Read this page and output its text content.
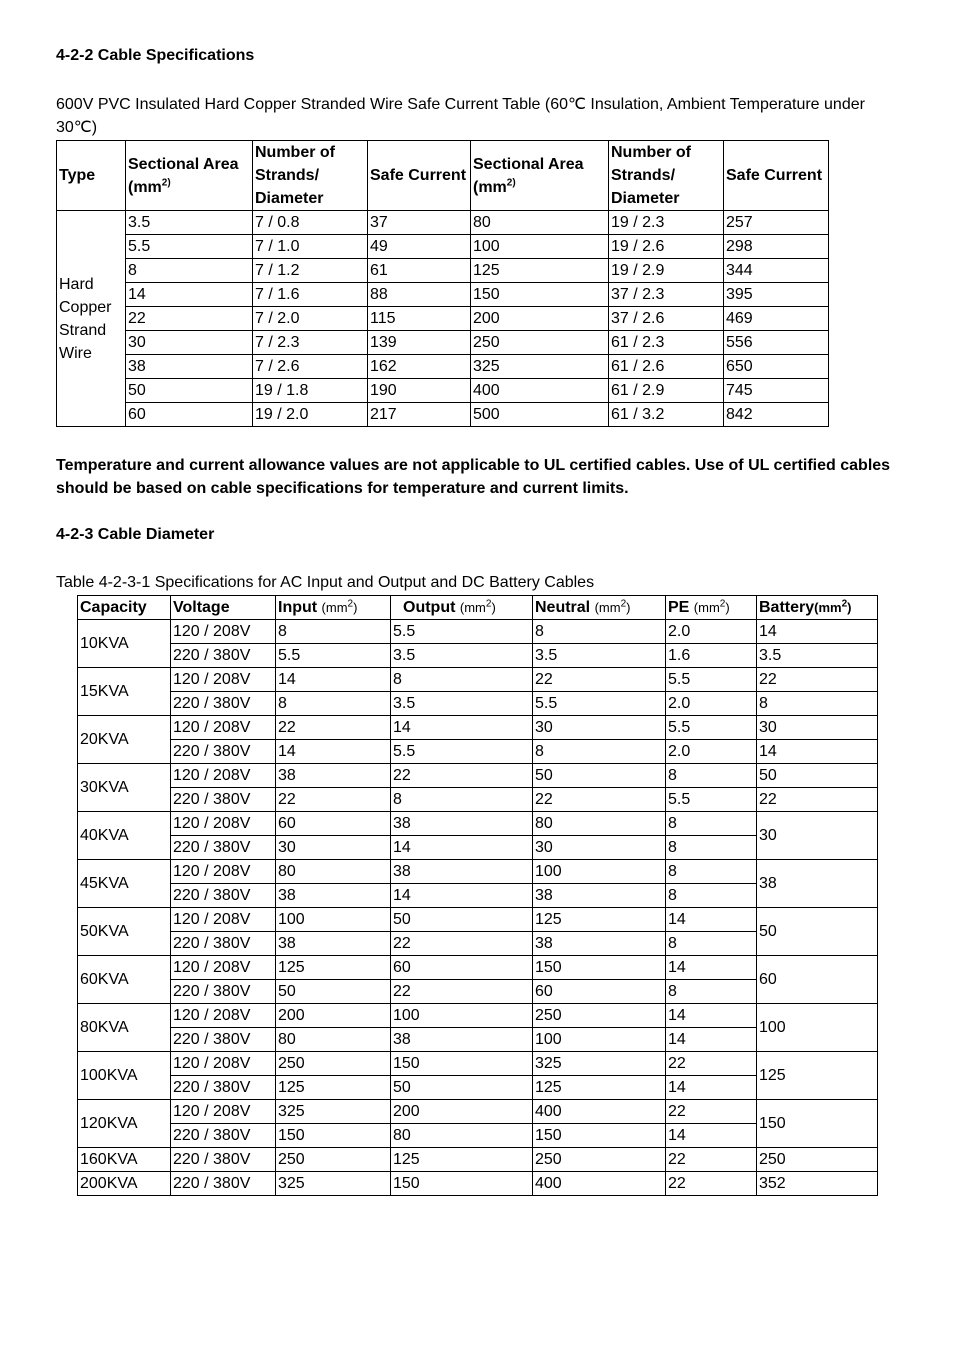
4-2-2 Cable Specifications
600V PVC Insulated Hard Copper Stranded Wire Safe Current Table (60℃ Insulation, Ambient Temperature under 30℃)
Type	Sectional Area ($mm^{2)}$	Number of Strands/ Diameter	Safe Current	Sectional Area ($mm^{2)}$	Number of Strands/ Diameter	Safe Current
Hard Copper Strand Wire	3.5	7 / 0.8	37	80	19 / 2.3	257
	5.5	7 / 1.0	49	100	19 / 2.6	298
	8	7 / 1.2	61	125	19 / 2.9	344
	14	7 / 1.6	88	150	37 / 2.3	395
	22	7 / 2.0	115	200	37 / 2.6	469
	30	7 / 2.3	139	250	61 / 2.3	556
	38	7 / 2.6	162	325	61 / 2.6	650
	50	19 / 1.8	190	400	61 / 2.9	745
	60	19 / 2.0	217	500	61 / 3.2	842
Temperature and current allowance values are not applicable to UL certified cables. Use of UL certified cables should be based on cable specifications for temperature and current limits.
4-2-3 Cable Diameter
Table 4-2-3-1 Specifications for AC Input and Output and DC Battery Cables
Capacity	Voltage	Input $(mm^2)$	Output $(mm^2)$	Neutral $(mm^2)$	PE $(mm^2)$	$Battery(mm^2)$
10KVA	120 / 208V	8	5.5	8	2.0	14
	220 / 380V	5.5	3.5	3.5	1.6	3.5
15KVA	120 / 208V	14	8	22	5.5	22
	220 / 380V	8	3.5	5.5	2.0	8
20KVA	120 / 208V	22	14	30	5.5	30
	220 / 380V	14	5.5	8	2.0	14
30KVA	120 / 208V	38	22	50	8	50
	220 / 380V	22	8	22	5.5	22
40KVA	120 / 208V	60	38	80	8	30
	220 / 380V	30	14	30	8	
45KVA	120 / 208V	80	38	100	8	38
	220 / 380V	38	14	38	8	
50KVA	120 / 208V	100	50	125	14	50
	220 / 380V	38	22	38	8	
60KVA	120 / 208V	125	60	150	14	60
	220 / 380V	50	22	60	8	
80KVA	120 / 208V	200	100	250	14	100
	220 / 380V	80	38	100	14	
100KVA	120 / 208V	250	150	325	22	125
	220 / 380V	125	50	125	14	
120KVA	120 / 208V	325	200	400	22	150
	220 / 380V	150	80	150	14	
160KVA	220 / 380V	250	125	250	22	250
200KVA	220 / 380V	325	150	400	22	352
